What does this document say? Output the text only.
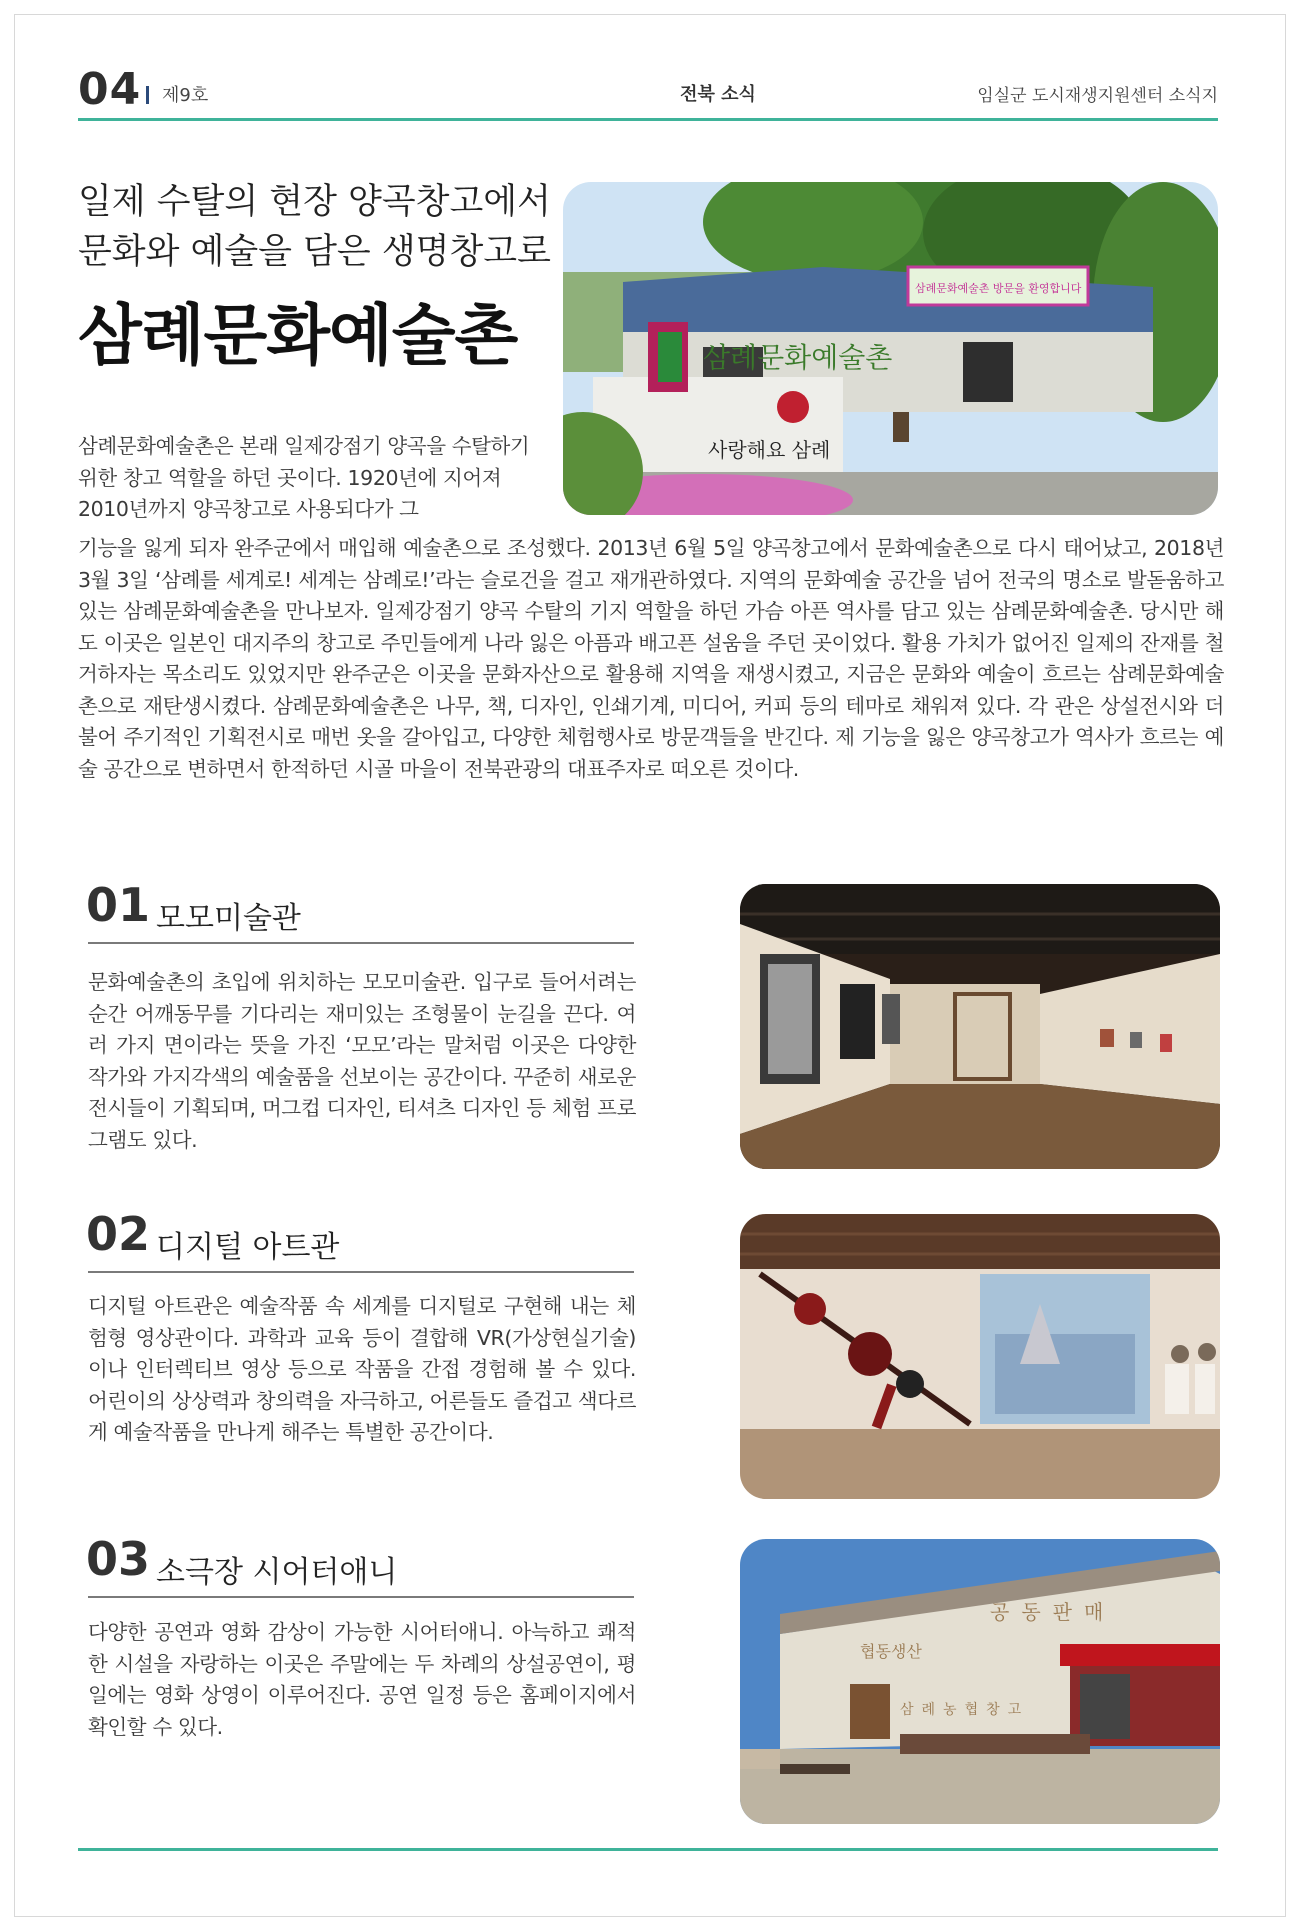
04 제9호	전북 소식	임실군 도시재생지원센터 소식지
일제 수탈의 현장 양곡창고에서
문화와 예술을 담은 생명창고로
삼례문화예술촌	삼례문화예술촌
사랑해요 삼례
삼례문화예술촌 방문을 환영합니다
삼례문화예술촌은 본래 일제강점기 양곡을 수탈하기 위한 창고 역할을 하던 곳이다. 1920년에 지어져 2010년까지 양곡창고로 사용되다가 그
기능을 잃게 되자 완주군에서 매입해 예술촌으로 조성했다. 2013년 6월 5일 양곡창고에서 문화예술촌으로 다시 태어났고, 2018년 3월 3일 ‘삼례를 세계로! 세계는 삼례로!’라는 슬로건을 걸고 재개관하였다. 지역의 문화예술 공간을 넘어 전국의 명소로 발돋움하고 있는 삼례문화예술촌을 만나보자. 일제강점기 양곡 수탈의 기지 역할을 하던 가슴 아픈 역사를 담고 있는 삼례문화예술촌. 당시만 해도 이곳은 일본인 대지주의 창고로 주민들에게 나라 잃은 아픔과 배고픈 설움을 주던 곳이었다. 활용 가치가 없어진 일제의 잔재를 철거하자는 목소리도 있었지만 완주군은 이곳을 문화자산으로 활용해 지역을 재생시켰고, 지금은 문화와 예술이 흐르는 삼례문화예술촌으로 재탄생시켰다. 삼례문화예술촌은 나무, 책, 디자인, 인쇄기계, 미디어, 커피 등의 테마로 채워져 있다. 각 관은 상설전시와 더불어 주기적인 기획전시로 매번 옷을 갈아입고, 다양한 체험행사로 방문객들을 반긴다. 제 기능을 잃은 양곡창고가 역사가 흐르는 예술 공간으로 변하면서 한적하던 시골 마을이 전북관광의 대표주자로 떠오른 것이다.
01 모모미술관
문화예술촌의 초입에 위치하는 모모미술관. 입구로 들어서려는 순간 어깨동무를 기다리는 재미있는 조형물이 눈길을 끈다. 여러 가지 면이라는 뜻을 가진 ‘모모’라는 말처럼 이곳은 다양한 작가와 가지각색의 예술품을 선보이는 공간이다. 꾸준히 새로운 전시들이 기획되며, 머그컵 디자인, 티셔츠 디자인 등 체험 프로그램도 있다.
02 디지털 아트관
디지털 아트관은 예술작품 속 세계를 디지털로 구현해 내는 체험형 영상관이다. 과학과 교육 등이 결합해 VR(가상현실기술)이나 인터렉티브 영상 등으로 작품을 간접 경험해 볼 수 있다. 어린이의 상상력과 창의력을 자극하고, 어른들도 즐겁고 색다르게 예술작품을 만나게 해주는 특별한 공간이다.
03 소극장 시어터애니
다양한 공연과 영화 감상이 가능한 시어터애니. 아늑하고 쾌적한 시설을 자랑하는 이곳은 주말에는 두 차례의 상설공연이, 평일에는 영화 상영이 이루어진다. 공연 일정 등은 홈페이지에서 확인할 수 있다.
협동생산
공동판매
삼례농협창고
